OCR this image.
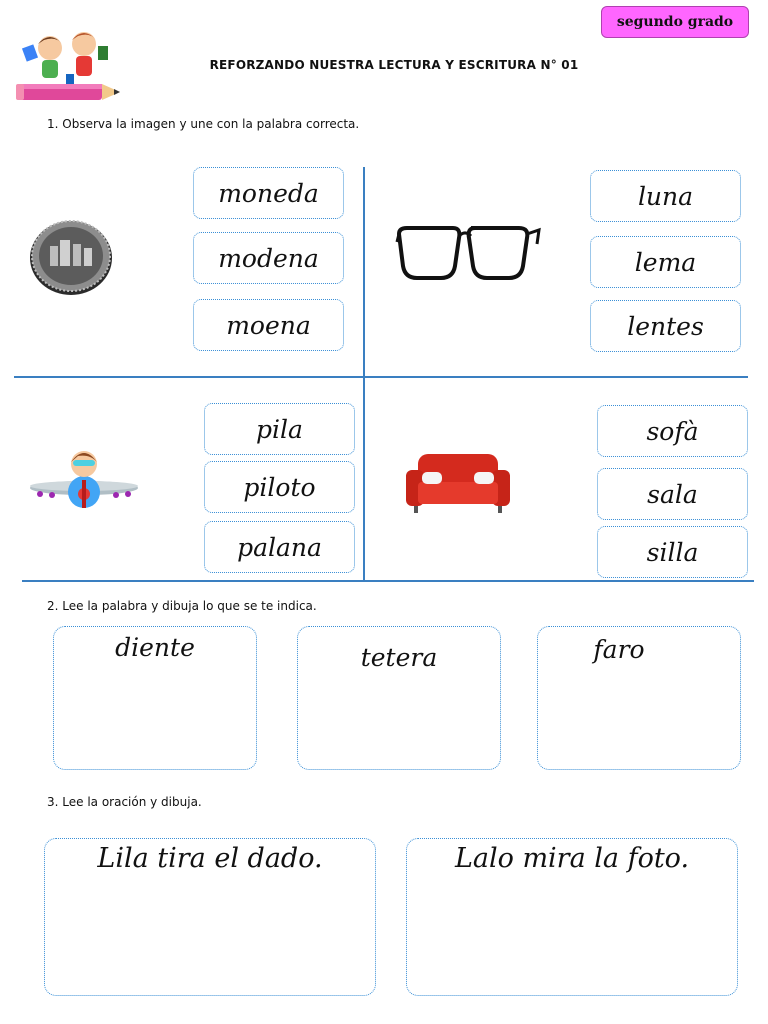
segundo grado
REFORZANDO NUESTRA LECTURA Y ESCRITURA N° 01
1. Observa la imagen y une con la palabra correcta.
moneda
modena
moena
luna
lema
lentes
pila
piloto
palana
sofà
sala
silla
2. Lee la palabra y dibuja lo que se te indica.
diente	tetera	faro
3. Lee la oración y dibuja.
Lila tira el dado.	Lalo mira la foto.
